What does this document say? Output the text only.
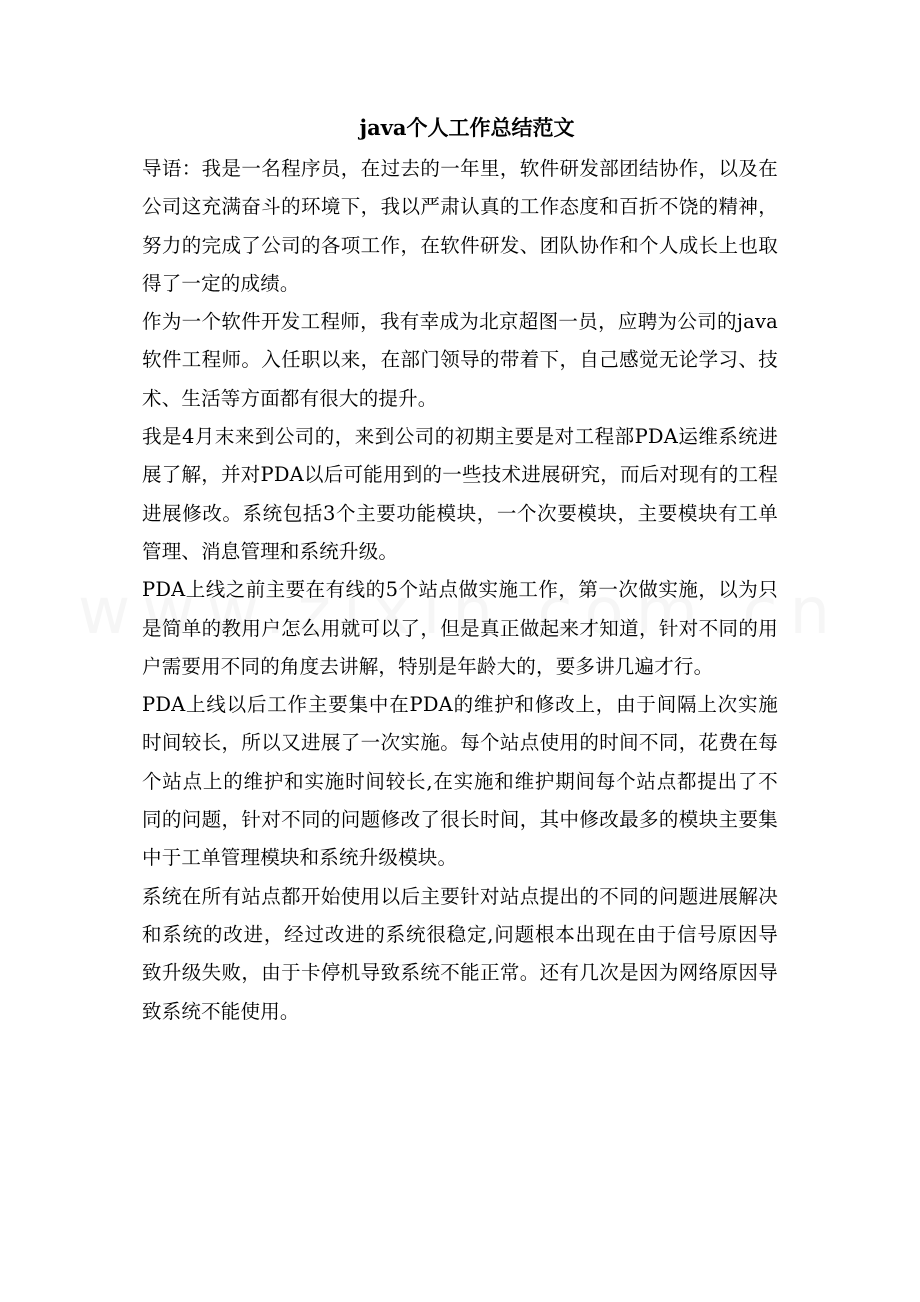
java个人工作总结范文

导语：我是一名程序员，在过去的一年里，软件研发部团结协作，以及在公司这充满奋斗的环境下，我以严肃认真的工作态度和百折不饶的精神，努力的完成了公司的各项工作，在软件研发、团队协作和个人成长上也取得了一定的成绩。

作为一个软件开发工程师，我有幸成为北京超图一员，应聘为公司的java软件工程师。入任职以来，在部门领导的带着下，自己感觉无论学习、技术、生活等方面都有很大的提升。

我是4月末来到公司的，来到公司的初期主要是对工程部PDA运维系统进展了解，并对PDA以后可能用到的一些技术进展研究，而后对现有的工程进展修改。系统包括3个主要功能模块，一个次要模块，主要模块有工单管理、消息管理和系统升级。

PDA上线之前主要在有线的5个站点做实施工作，第一次做实施，以为只是简单的教用户怎么用就可以了，但是真正做起来才知道，针对不同的用户需要用不同的角度去讲解，特别是年龄大的，要多讲几遍才行。

PDA上线以后工作主要集中在PDA的维护和修改上，由于间隔上次实施时间较长，所以又进展了一次实施。每个站点使用的时间不同，花费在每个站点上的维护和实施时间较长,在实施和维护期间每个站点都提出了不同的问题，针对不同的问题修改了很长时间，其中修改最多的模块主要集中于工单管理模块和系统升级模块。

系统在所有站点都开始使用以后主要针对站点提出的不同的问题进展解决和系统的改进，经过改进的系统很稳定,问题根本出现在由于信号原因导致升级失败，由于卡停机导致系统不能正常。还有几次是因为网络原因导致系统不能使用。
